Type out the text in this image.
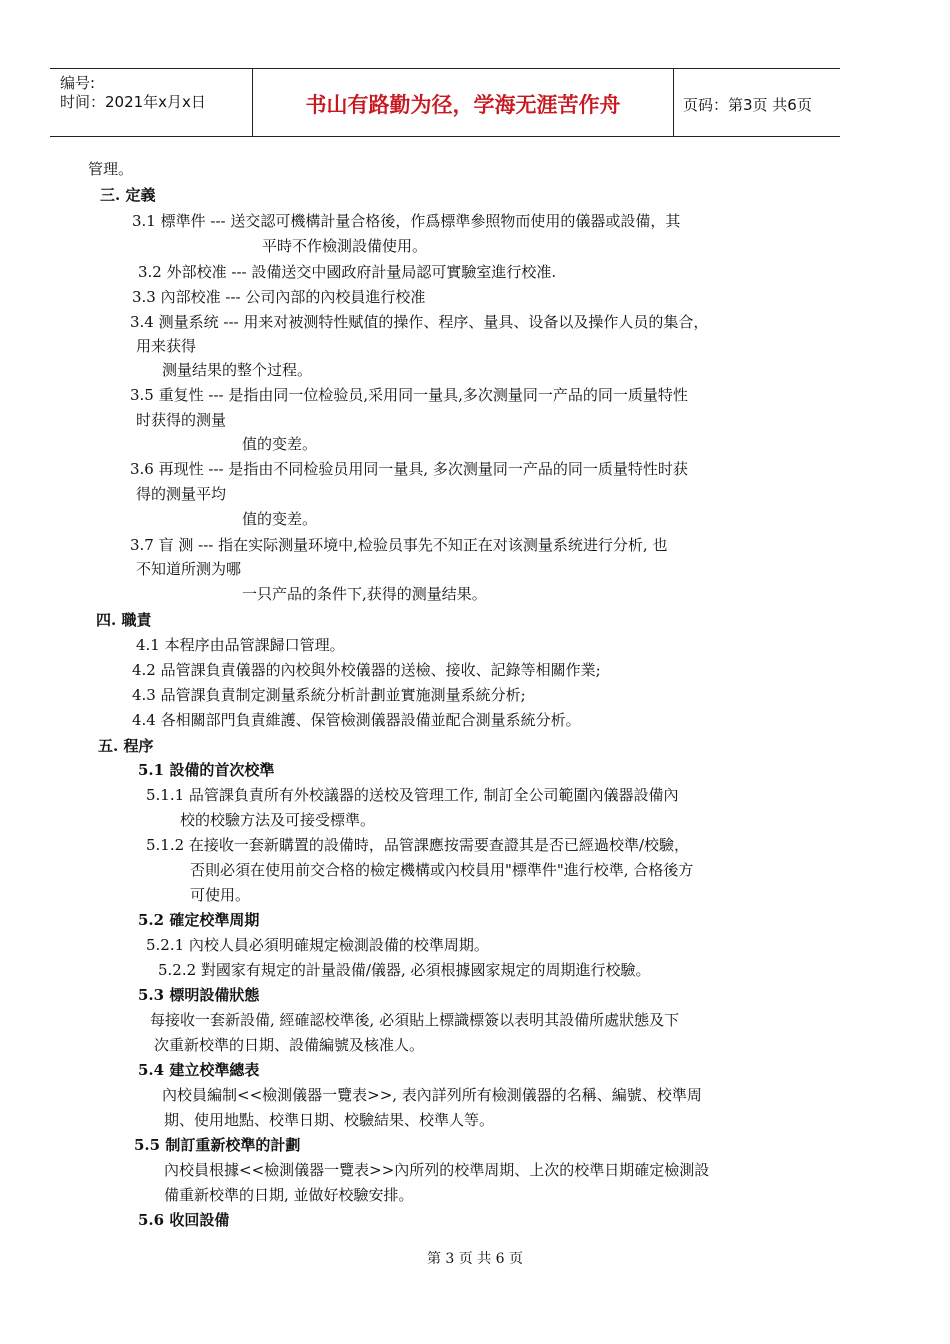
编号:
时间：2021年x月x日	书山有路勤为径，学海无涯苦作舟	页码：第3页 共6页
管理。
三. 定義
3.1 標準件 --- 送交認可機構計量合格後，作爲標準參照物而使用的儀器或設備，其
平時不作檢測設備使用。
3.2 外部校准 --- 設備送交中國政府計量局認可實驗室進行校准.
3.3 內部校准 --- 公司內部的內校員進行校准
3.4 测量系统 --- 用来对被测特性赋值的操作、程序、量具、设备以及操作人员的集合，
用来获得
测量结果的整个过程。
3.5 重复性 --- 是指由同一位检验员,采用同一量具,多次测量同一产品的同一质量特性
时获得的测量
值的变差。
3.6 再现性 --- 是指由不同检验员用同一量具, 多次测量同一产品的同一质量特性时获
得的测量平均
值的变差。
3.7 盲 测 --- 指在实际测量环境中,检验员事先不知正在对该测量系统进行分析, 也
不知道所测为哪
一只产品的条件下,获得的测量结果。
四. 職責
4.1 本程序由品管課歸口管理。
4.2 品管課負責儀器的內校與外校儀器的送檢、接收、記錄等相關作業;
4.3 品管課負責制定測量系統分析計劃並實施測量系統分析;
4.4 各相關部門負責維護、保管檢測儀器設備並配合測量系統分析。
五. 程序
5.1 設備的首次校準
5.1.1 品管課負責所有外校議器的送校及管理工作, 制訂全公司範圍內儀器設備內
校的校驗方法及可接受標準。
5.1.2 在接收一套新購置的設備時，品管課應按需要查證其是否已經過校準/校驗，
否則必須在使用前交合格的檢定機構或內校員用"標準件"進行校準, 合格後方
可使用。
5.2 確定校準周期
5.2.1 內校人員必須明確規定檢測設備的校準周期。
5.2.2 對國家有規定的計量設備/儀器, 必須根據國家規定的周期進行校驗。
5.3 標明設備狀態
每接收一套新設備, 經確認校準後, 必須貼上標識標簽以表明其設備所處狀態及下
次重新校準的日期、設備編號及核准人。
5.4 建立校準總表
內校員編制<<檢測儀器一覽表>>, 表內詳列所有檢測儀器的名稱、編號、校準周
期、使用地點、校準日期、校驗結果、校準人等。
5.5 制訂重新校準的計劃
內校員根據<<檢測儀器一覽表>>內所列的校準周期、上次的校準日期確定檢測設
備重新校準的日期, 並做好校驗安排。
5.6 收回設備
第 3 页 共 6 页
